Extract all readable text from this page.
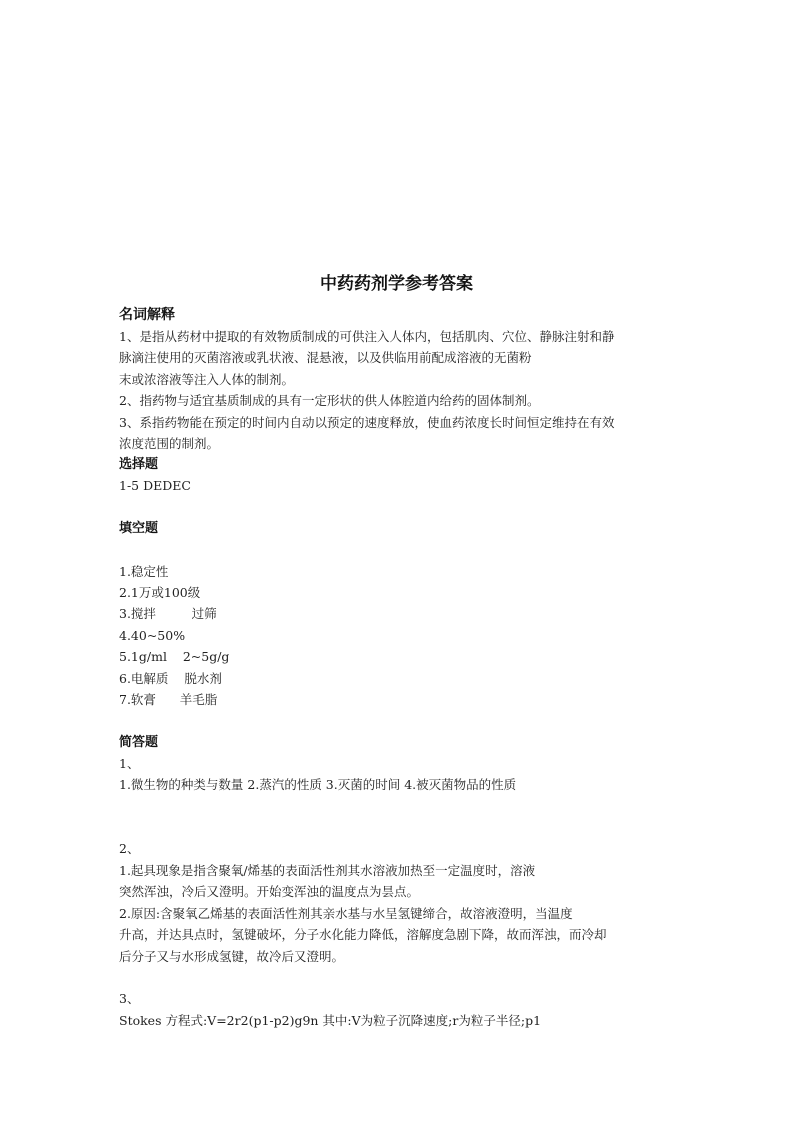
中药药剂学参考答案
名词解释
1、是指从药材中提取的有效物质制成的可供注入人体内，包括肌肉、穴位、静脉注射和静
脉滴注使用的灭菌溶液或乳状液、混悬液，以及供临用前配成溶液的无菌粉
末或浓溶液等注入人体的制剂。
2、指药物与适宜基质制成的具有一定形状的供人体腔道内给药的固体制剂。
3、系指药物能在预定的时间内自动以预定的速度释放，使血药浓度长时间恒定维持在有效
浓度范围的制剂。
选择题
1-5 DEDEC
填空题
1.稳定性
2.1万或100级
3.搅拌         过筛
4.40~50%
5.1g/ml    2~5g/g
6.电解质    脱水剂
7.软膏      羊毛脂
简答题
1、
1.微生物的种类与数量 2.蒸汽的性质 3.灭菌的时间 4.被灭菌物品的性质
2、
1.起具现象是指含聚氧/烯基的表面活性剂其水溶液加热至一定温度时，溶液
突然浑浊，冷后又澄明。开始变浑浊的温度点为昙点。
2.原因:含聚氧乙烯基的表面活性剂其亲水基与水呈氢键缔合，故溶液澄明，当温度
升高，并达具点时，氢键破坏，分子水化能力降低，溶解度急剧下降，故而浑浊，而冷却
后分子又与水形成氢键，故冷后又澄明。
3、
Stokes 方程式:V=2r2(p1-p2)g9n 其中:V为粒子沉降速度;r为粒子半径;p1
